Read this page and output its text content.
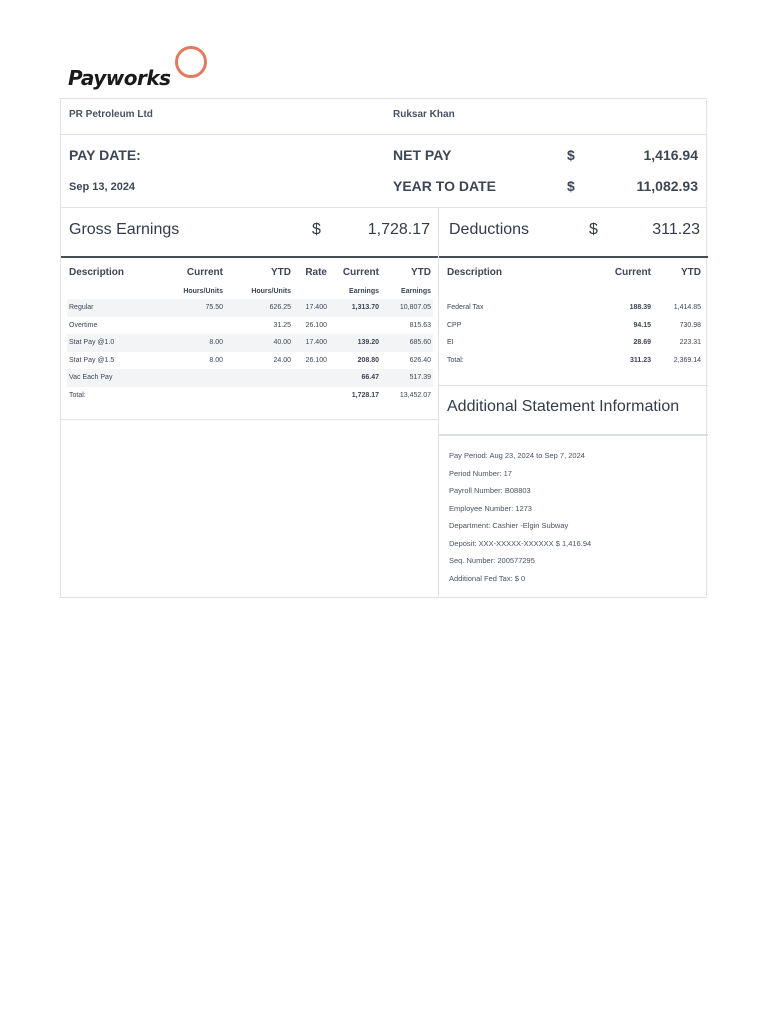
Payworks
PR Petroleum Ltd	Ruksar Khan
PAY DATE:
Sep 13, 2024
NET PAY	$	1,416.94
YEAR TO DATE	$	11,082.93
Gross Earnings	$	1,728.17 Deductions	$	311.23
Description	Current	YTD	Rate	Current	YTD
	Hours/Units	Hours/Units		Earnings	Earnings
Regular	75.50	626.25	17.400	1,313.70	10,807.05
Overtime		31.25	26.100		815.63
Stat Pay @1.0	8.00	40.00	17.400	139.20	685.60
Stat Pay @1.5	8.00	24.00	26.100	208.80	626.40
Vac Each Pay				66.47	517.39
Total:				1,728.17	13,452.07
Description	Current	YTD

Federal Tax	188.39	1,414.85
CPP	94.15	730.98
EI	28.69	223.31
Total:	311.23	2,369.14
Additional Statement Information
Pay Period: Aug 23, 2024 to Sep 7, 2024
Period Number: 17
Payroll Number: B08803
Employee Number: 1273
Department: Cashier -Elgin Subway
Deposit: XXX-XXXXX-XXXXXX $ 1,416.94
Seq. Number: 200577295
Additional Fed Tax: $ 0
